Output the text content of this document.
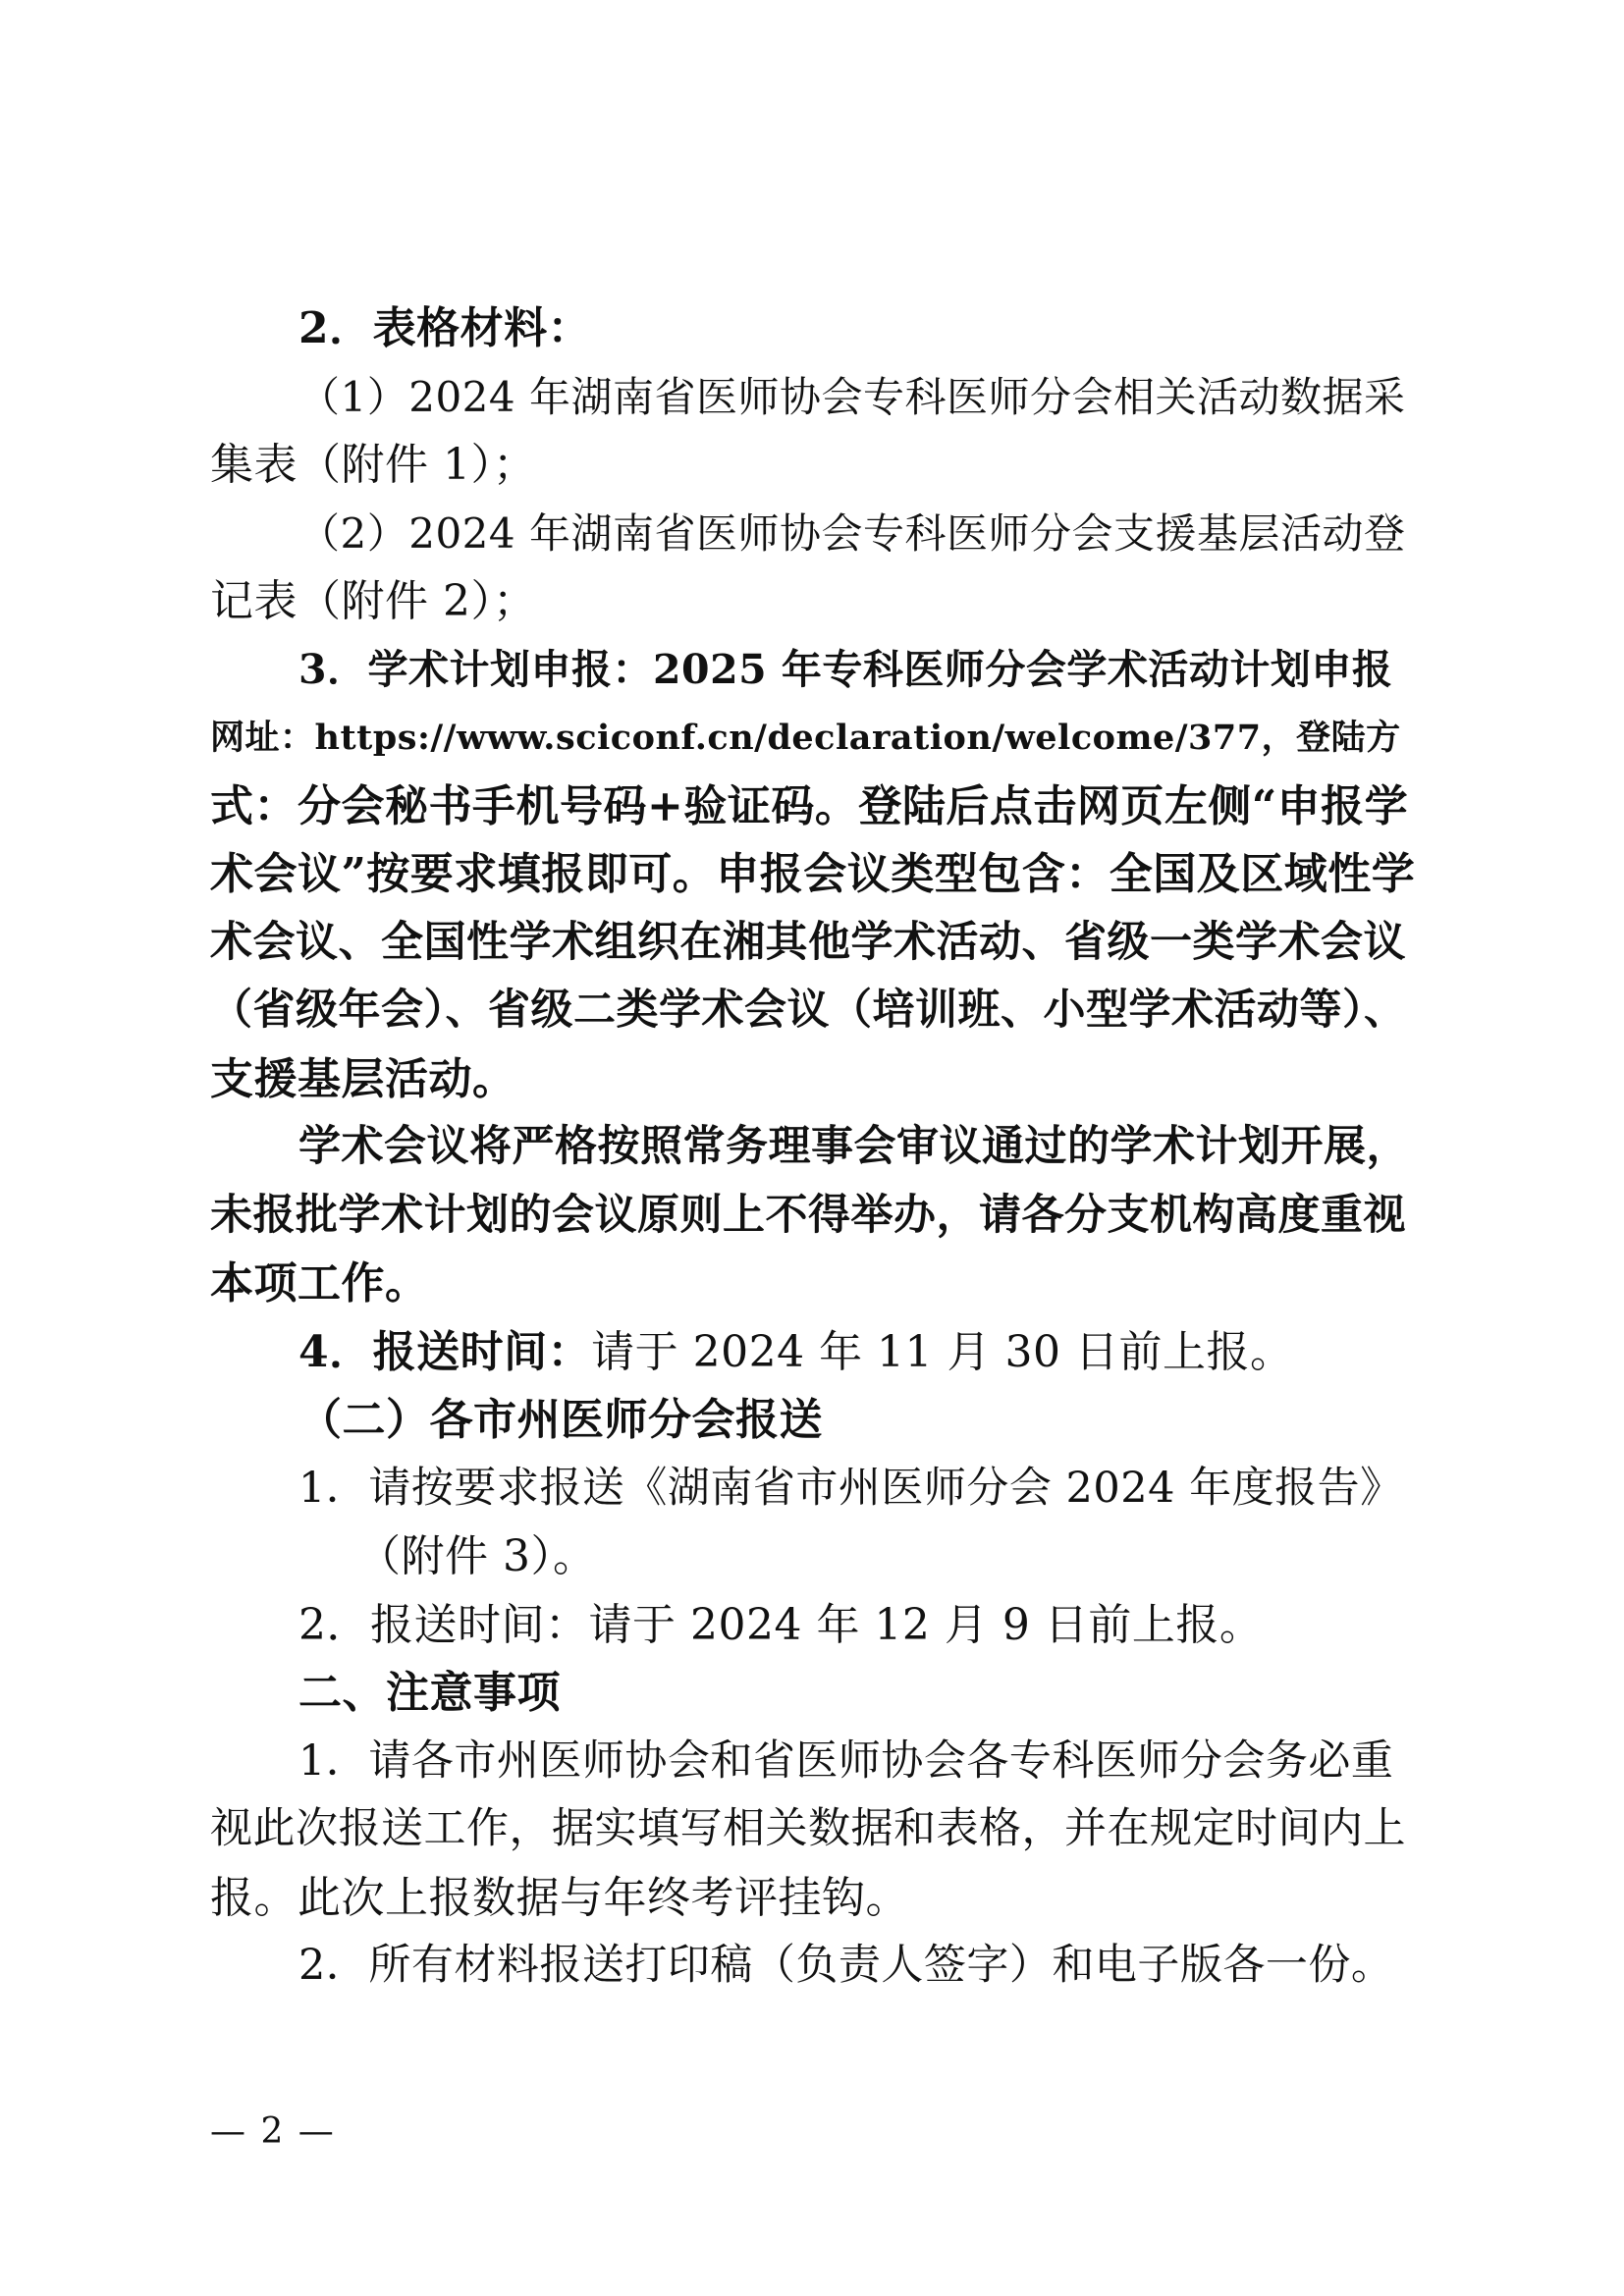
2．表格材料：
（1）2024 年湖南省医师协会专科医师分会相关活动数据采
集表（附件 1）；
（2）2024 年湖南省医师协会专科医师分会支援基层活动登
记表（附件 2）；
3．学术计划申报：2025 年专科医师分会学术活动计划申报
网址：https://www.sciconf.cn/declaration/welcome/377，登陆方
式：分会秘书手机号码+验证码。登陆后点击网页左侧“申报学
术会议”按要求填报即可。申报会议类型包含：全国及区域性学
术会议、全国性学术组织在湘其他学术活动、省级一类学术会议
（省级年会）、省级二类学术会议（培训班、小型学术活动等）、
支援基层活动。
学术会议将严格按照常务理事会审议通过的学术计划开展，
未报批学术计划的会议原则上不得举办，请各分支机构高度重视
本项工作。
4．报送时间：请于 2024 年 11 月 30 日前上报。
（二）各市州医师分会报送
1．请按要求报送《湖南省市州医师分会 2024 年度报告》
（附件 3）。
2．报送时间：请于 2024 年 12 月 9 日前上报。
二、注意事项
1．请各市州医师协会和省医师协会各专科医师分会务必重
视此次报送工作，据实填写相关数据和表格，并在规定时间内上
报。此次上报数据与年终考评挂钩。
2．所有材料报送打印稿（负责人签字）和电子版各一份。
— 2 —
